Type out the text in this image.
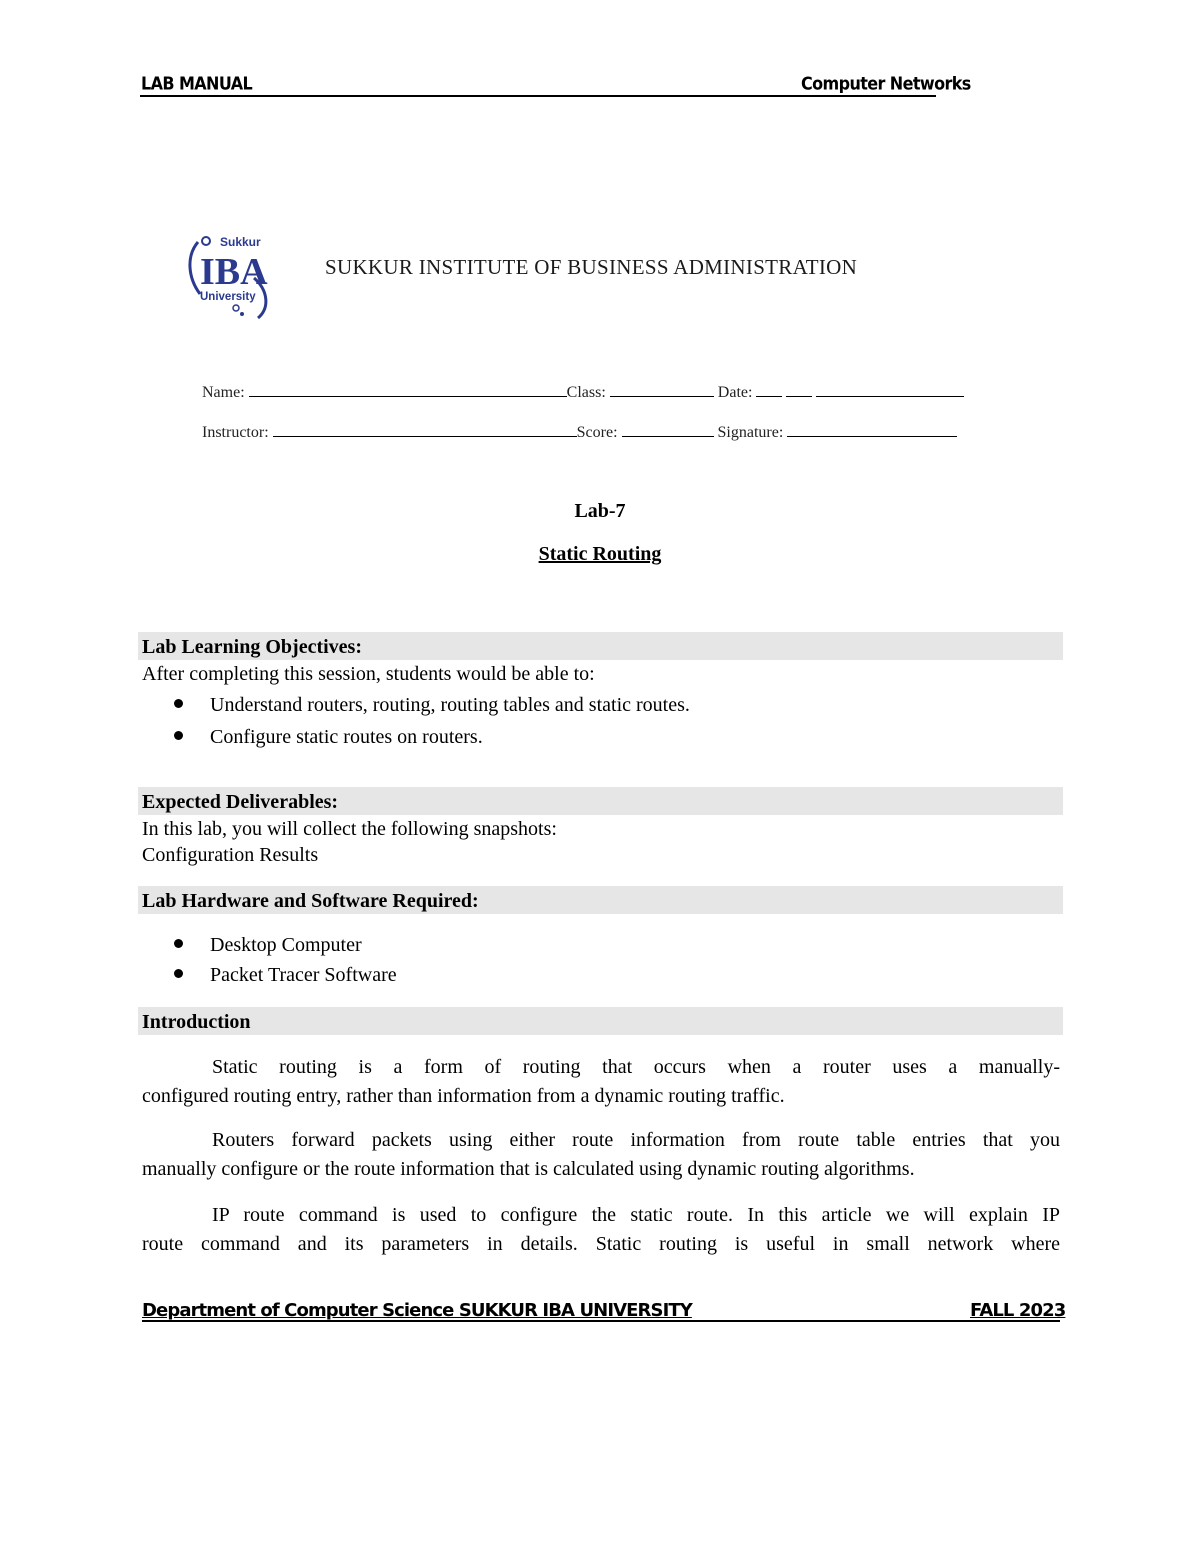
LAB MANUAL	Computer Networks
Sukkur
IBA
University
SUKKUR INSTITUTE OF BUSINESS ADMINISTRATION
Name:	Class:	Date:
Instructor:	Score:	Signature:
Lab-7
Static Routing
Lab Learning Objectives:
After completing this session, students would be able to:
Understand routers, routing, routing tables and static routes.
Configure static routes on routers.
Expected Deliverables:
In this lab, you will collect the following snapshots:
Configuration Results
Lab Hardware and Software Required:
Desktop Computer
Packet Tracer Software
Introduction
Static routing is a form of routing that occurs when a router uses a manually-
configured routing entry, rather than information from a dynamic routing traffic.
Routers forward packets using either route information from route table entries that you
manually configure or the route information that is calculated using dynamic routing algorithms.
IP route command is used to configure the static route. In this article we will explain IP
route command and its parameters in details. Static routing is useful in small network where
Department of Computer Science SUKKUR IBA UNIVERSITY	FALL 2023
